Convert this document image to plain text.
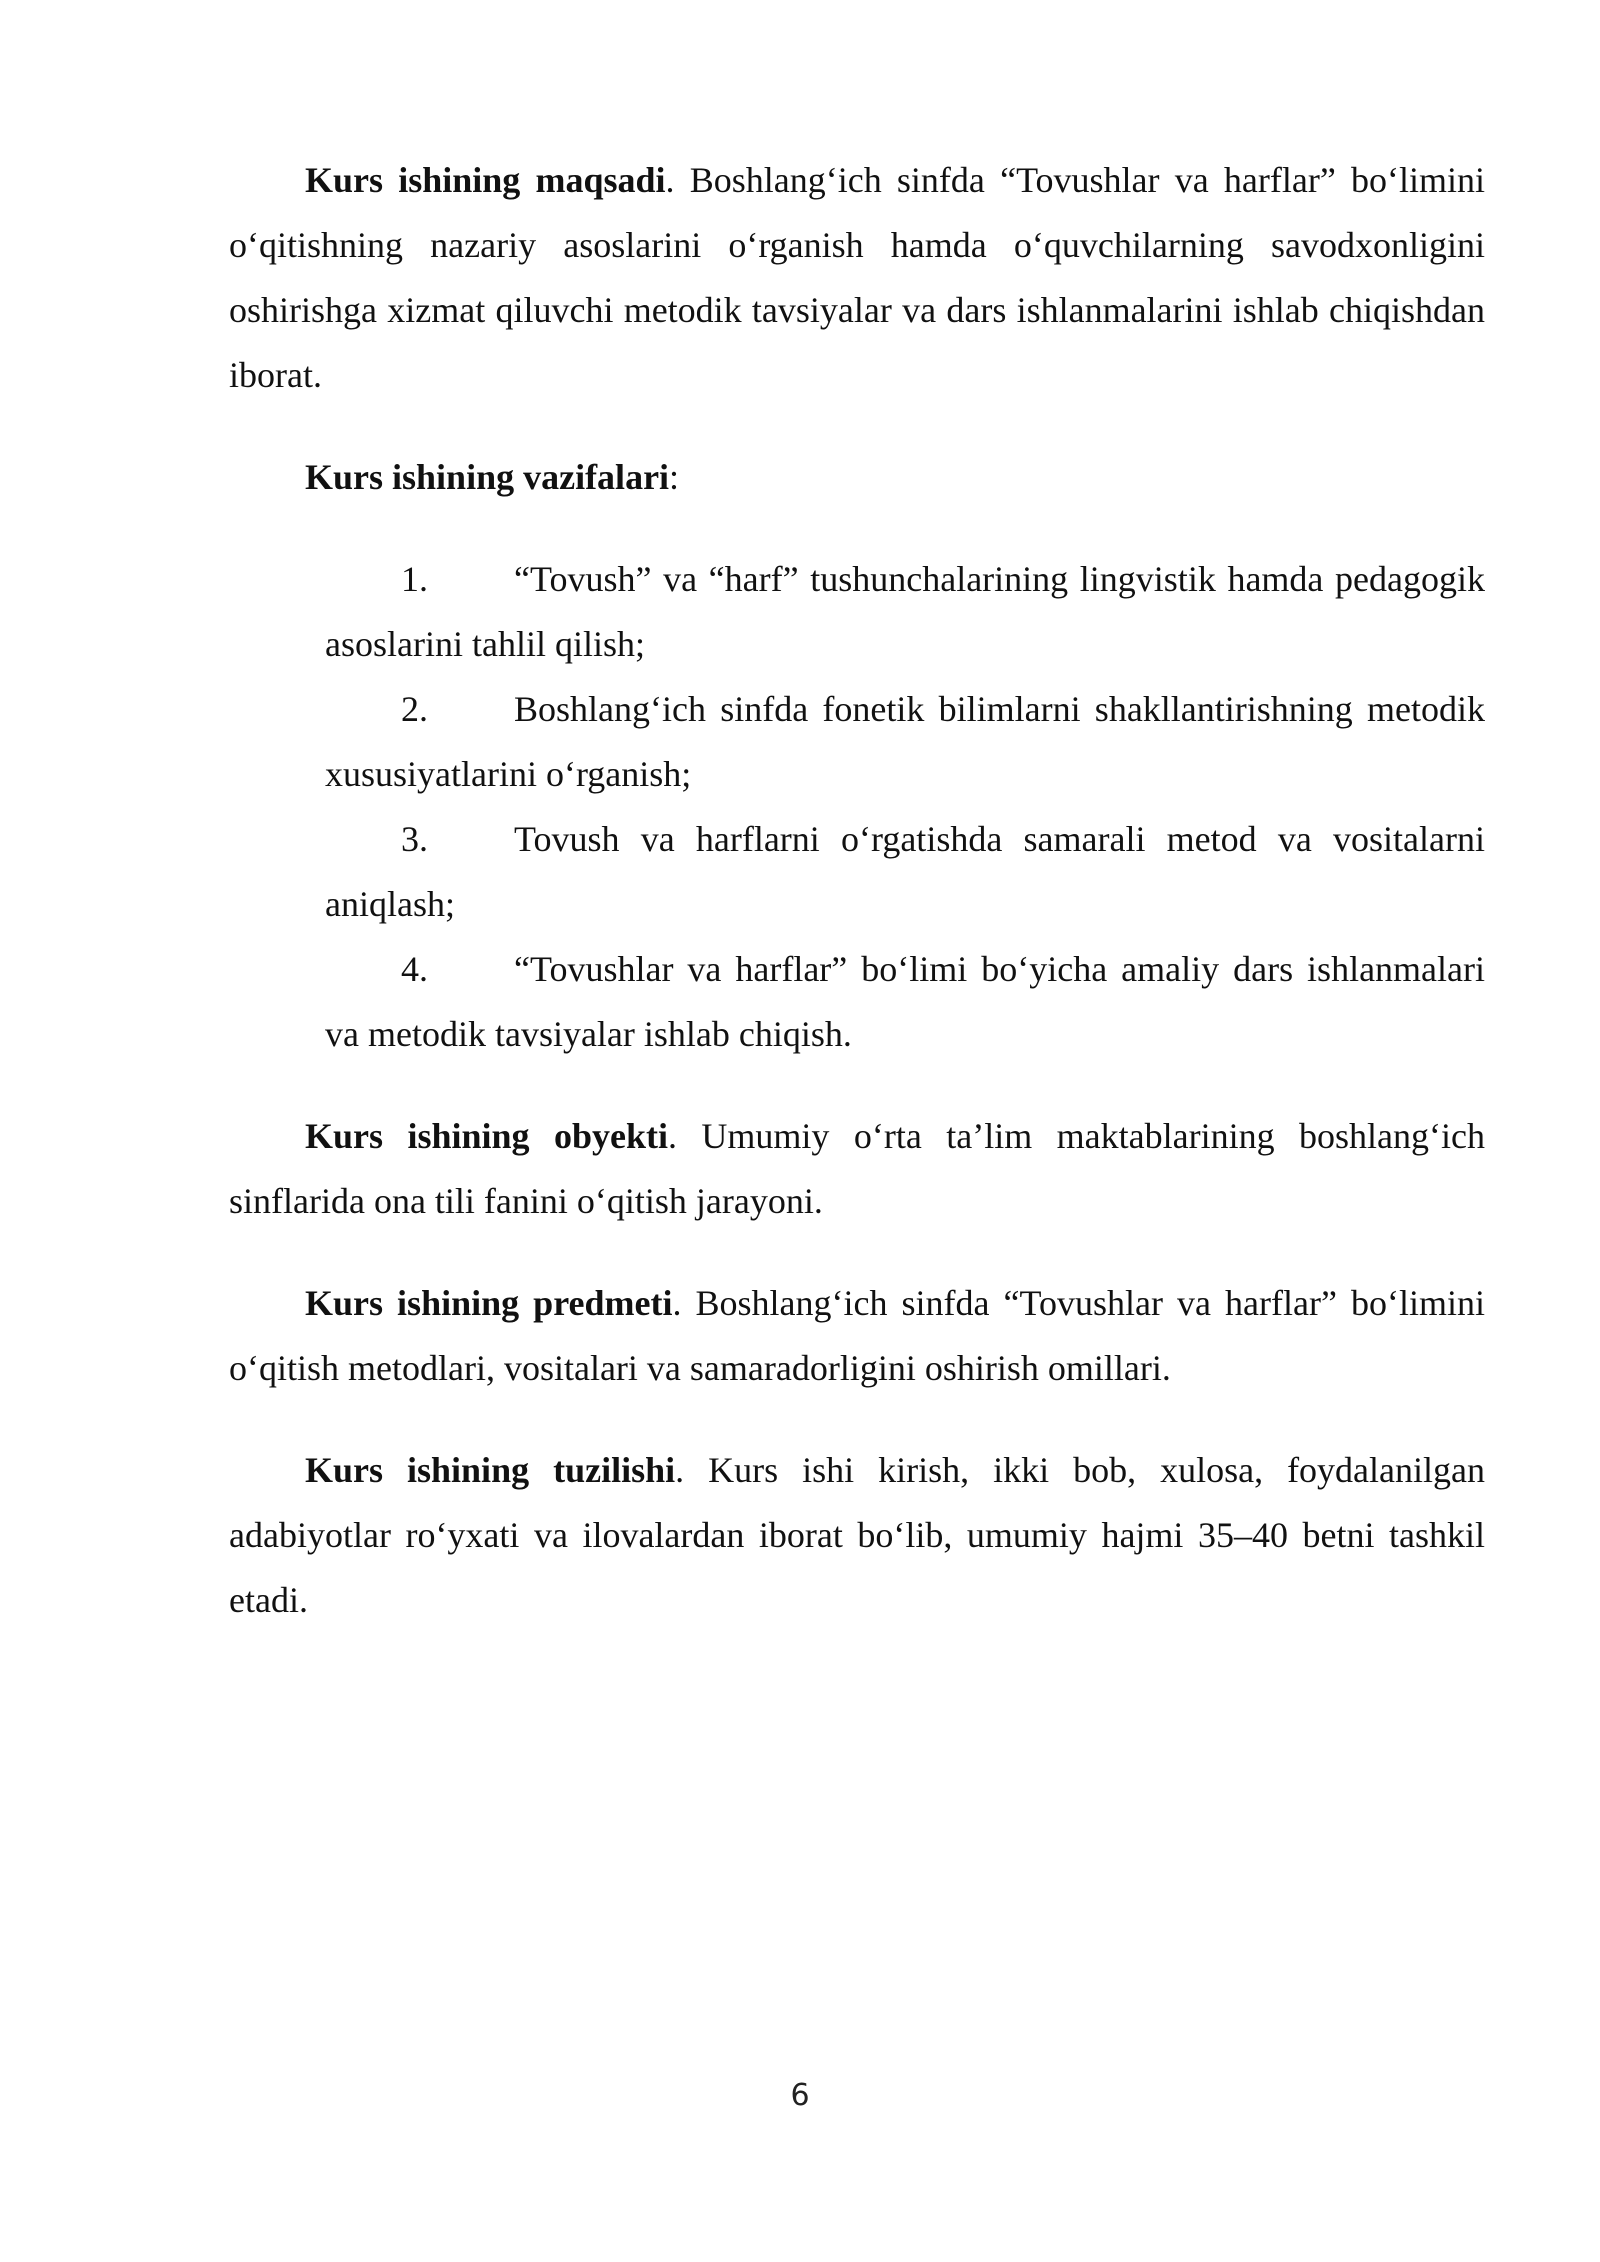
Kurs ishining maqsadi. Boshlang‘ich sinfda “Tovushlar va harflar” bo‘limini o‘qitishning nazariy asoslarini o‘rganish hamda o‘quvchilarning savodxonligini oshirishga xizmat qiluvchi metodik tavsiyalar va dars ishlanmalarini ishlab chiqishdan iborat.

Kurs ishining vazifalari:

1. “Tovush” va “harf” tushunchalarining lingvistik hamda pedagogik asoslarini tahlil qilish;

2. Boshlang‘ich sinfda fonetik bilimlarni shakllantirishning metodik xususiyatlarini o‘rganish;

3. Tovush va harflarni o‘rgatishda samarali metod va vositalarni aniqlash;

4. “Tovushlar va harflar” bo‘limi bo‘yicha amaliy dars ishlanmalari va metodik tavsiyalar ishlab chiqish.

Kurs ishining obyekti. Umumiy o‘rta ta’lim maktablarining boshlang‘ich sinflarida ona tili fanini o‘qitish jarayoni.

Kurs ishining predmeti. Boshlang‘ich sinfda “Tovushlar va harflar” bo‘limini o‘qitish metodlari, vositalari va samaradorligini oshirish omillari.

Kurs ishining tuzilishi. Kurs ishi kirish, ikki bob, xulosa, foydalanilgan adabiyotlar ro‘yxati va ilovalardan iborat bo‘lib, umumiy hajmi 35–40 betni tashkil etadi.

6
